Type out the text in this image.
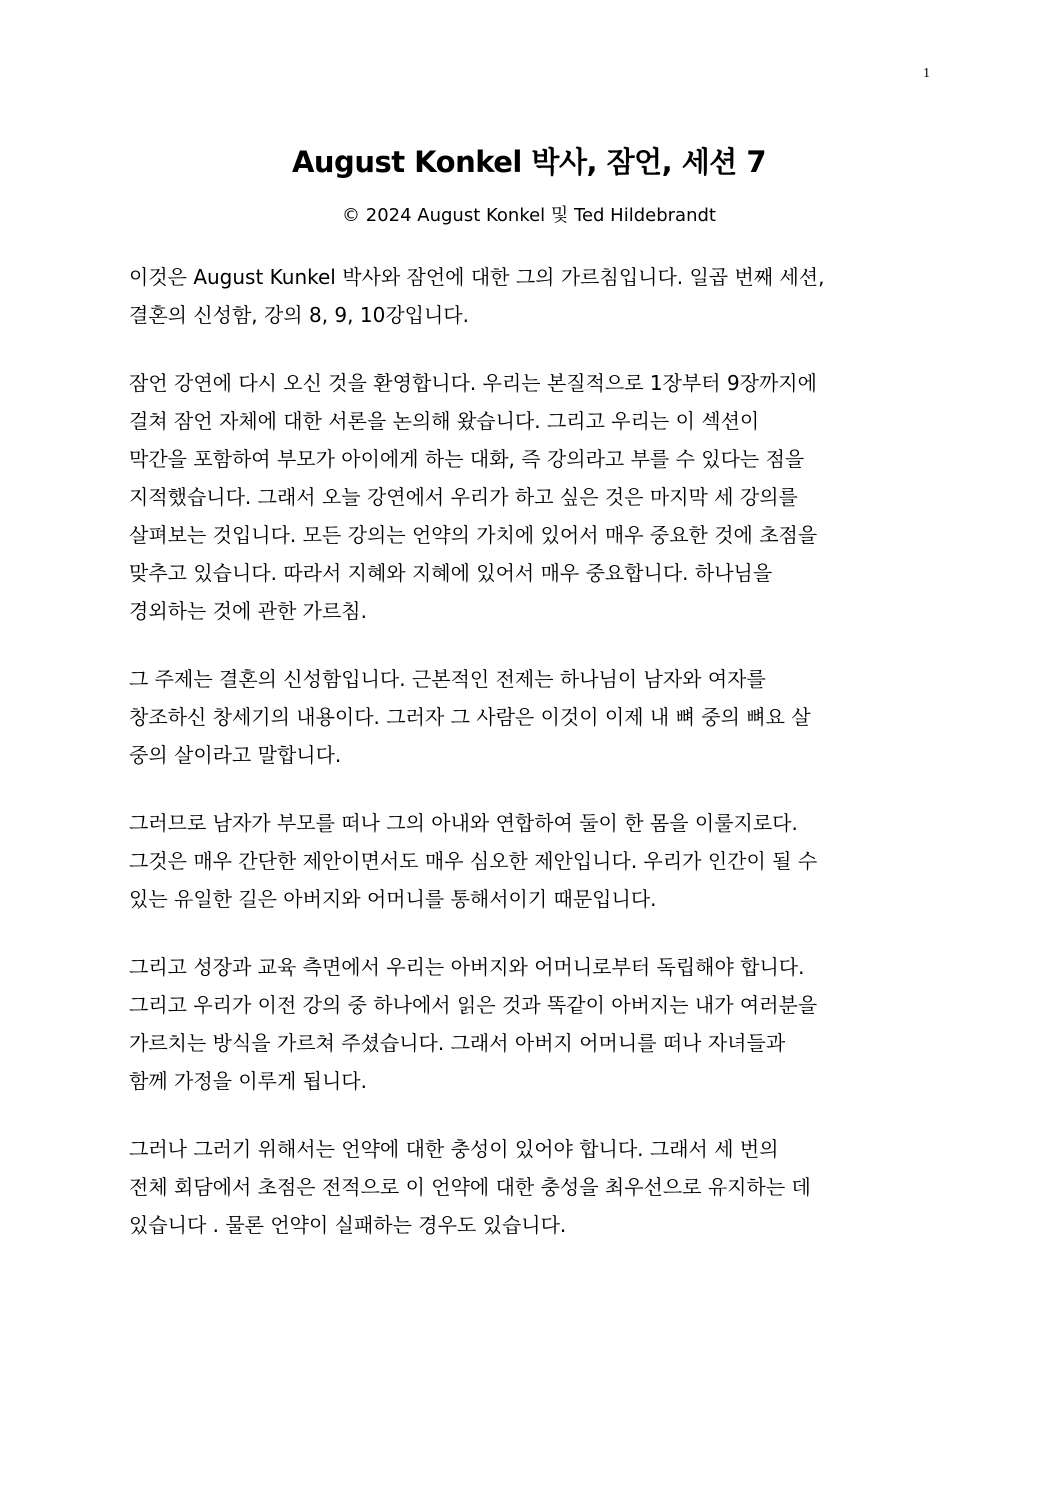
1
August Konkel 박사, 잠언, 세션 7
© 2024 August Konkel 및 Ted Hildebrandt

이것은 August Kunkel 박사와 잠언에 대한 그의 가르침입니다. 일곱 번째 세션,
결혼의 신성함, 강의 8, 9, 10강입니다.

잠언 강연에 다시 오신 것을 환영합니다. 우리는 본질적으로 1장부터 9장까지에
걸쳐 잠언 자체에 대한 서론을 논의해 왔습니다. 그리고 우리는 이 섹션이
막간을 포함하여 부모가 아이에게 하는 대화, 즉 강의라고 부를 수 있다는 점을
지적했습니다. 그래서 오늘 강연에서 우리가 하고 싶은 것은 마지막 세 강의를
살펴보는 것입니다. 모든 강의는 언약의 가치에 있어서 매우 중요한 것에 초점을
맞추고 있습니다. 따라서 지혜와 지혜에 있어서 매우 중요합니다. 하나님을
경외하는 것에 관한 가르침.

그 주제는 결혼의 신성함입니다. 근본적인 전제는 하나님이 남자와 여자를
창조하신 창세기의 내용이다. 그러자 그 사람은 이것이 이제 내 뼈 중의 뼈요 살
중의 살이라고 말합니다.

그러므로 남자가 부모를 떠나 그의 아내와 연합하여 둘이 한 몸을 이룰지로다.
그것은 매우 간단한 제안이면서도 매우 심오한 제안입니다. 우리가 인간이 될 수
있는 유일한 길은 아버지와 어머니를 통해서이기 때문입니다.

그리고 성장과 교육 측면에서 우리는 아버지와 어머니로부터 독립해야 합니다.
그리고 우리가 이전 강의 중 하나에서 읽은 것과 똑같이 아버지는 내가 여러분을
가르치는 방식을 가르쳐 주셨습니다. 그래서 아버지 어머니를 떠나 자녀들과
함께 가정을 이루게 됩니다.

그러나 그러기 위해서는 언약에 대한 충성이 있어야 합니다. 그래서 세 번의
전체 회담에서 초점은 전적으로 이 언약에 대한 충성을 최우선으로 유지하는 데
있습니다 . 물론 언약이 실패하는 경우도 있습니다.
